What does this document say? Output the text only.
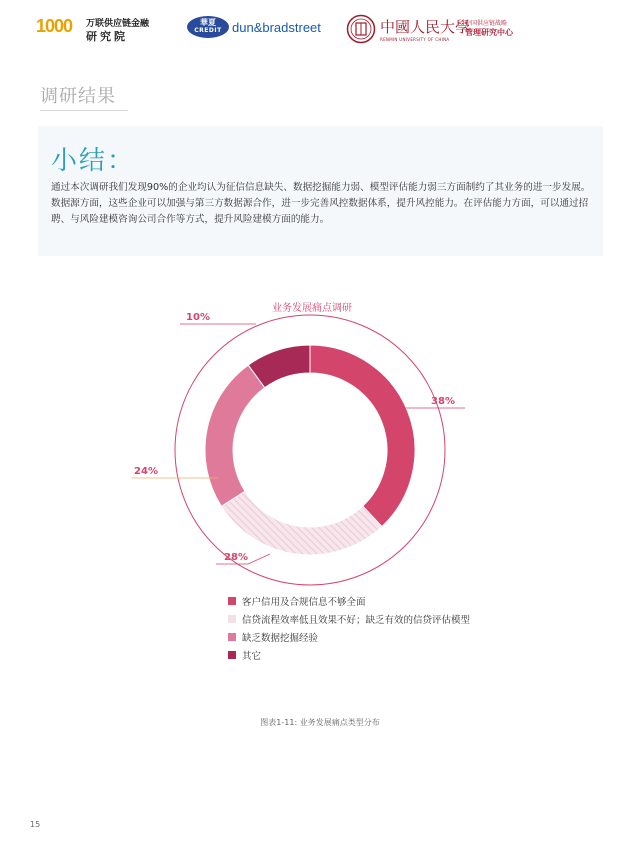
1000 万联供应链金融
研究院
華夏
CREDIT dun&bradstreet	中國人民大學
RENMIN UNIVERSITY OF CHINA
中国供应链战略
管理研究中心
调研结果
小结：
通过本次调研我们发现90%的企业均认为征信信息缺失、数据挖掘能力弱、模型评估能力弱三方面制约了其业务的进一步发展。数据源方面，这些企业可以加强与第三方数据源合作，进一步完善风控数据体系，提升风控能力。在评估能力方面，可以通过招聘、与风险建模咨询公司合作等方式，提升风险建模方面的能力。
业务发展痛点调研
38%
28%
24%
10%
客户信用及合规信息不够全面
信贷流程效率低且效果不好；缺乏有效的信贷评估模型
缺乏数据挖掘经验
其它
图表1-11: 业务发展痛点类型分布
15
